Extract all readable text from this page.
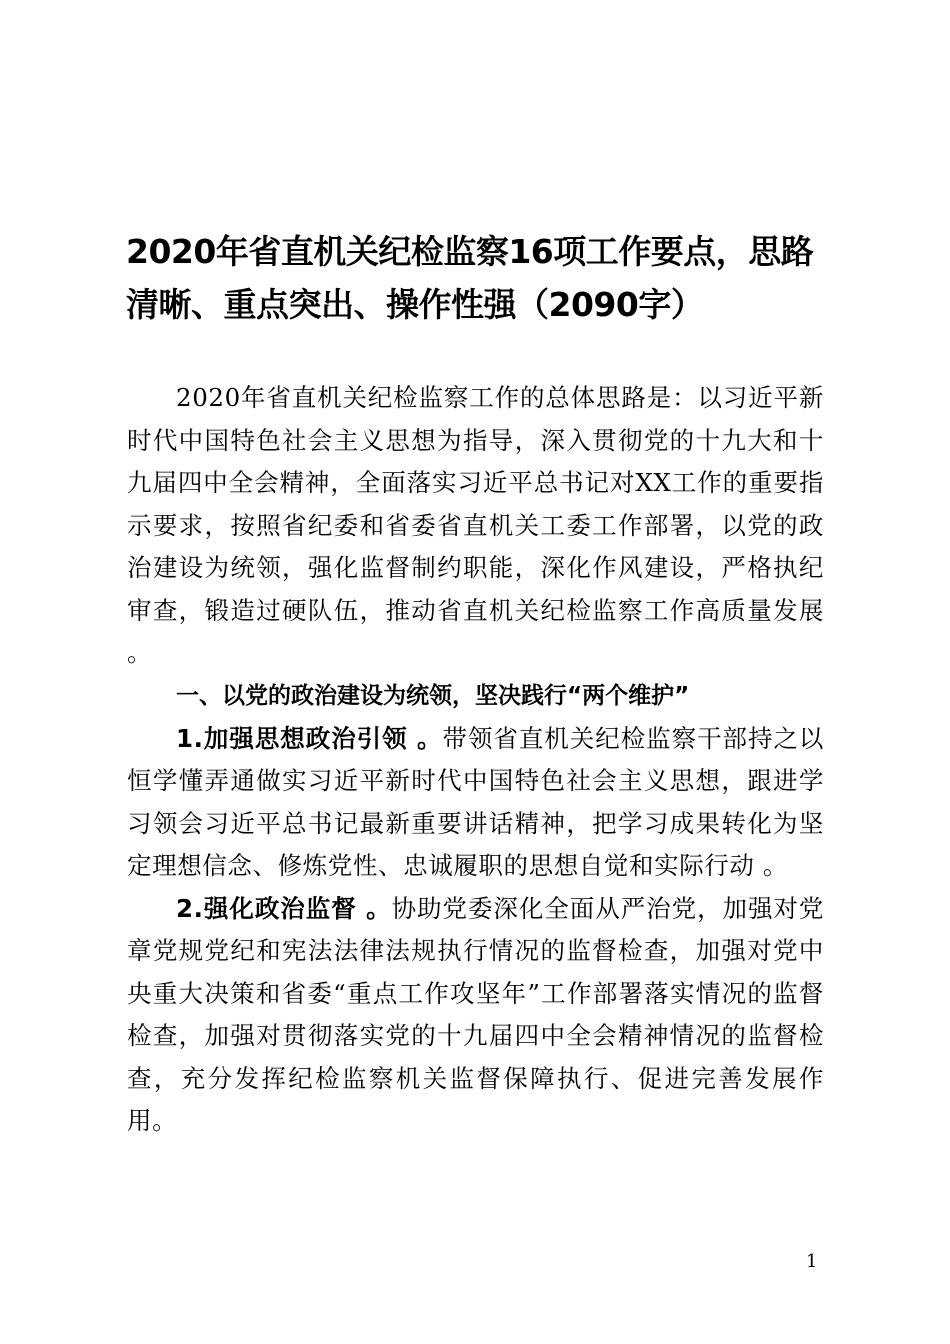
2020年省直机关纪检监察16项工作要点，思路清晰、重点突出、操作性强（2090字）

2020年省直机关纪检监察工作的总体思路是：以习近平新时代中国特色社会主义思想为指导，深入贯彻党的十九大和十九届四中全会精神，全面落实习近平总书记对XX工作的重要指示要求，按照省纪委和省委省直机关工委工作部署，以党的政治建设为统领，强化监督制约职能，深化作风建设，严格执纪审查，锻造过硬队伍，推动省直机关纪检监察工作高质量发展 。

一、以党的政治建设为统领，坚决践行“两个维护”

1.加强思想政治引领 。带领省直机关纪检监察干部持之以恒学懂弄通做实习近平新时代中国特色社会主义思想，跟进学习领会习近平总书记最新重要讲话精神，把学习成果转化为坚定理想信念、修炼党性、忠诚履职的思想自觉和实际行动 。

2.强化政治监督 。协助党委深化全面从严治党，加强对党章党规党纪和宪法法律法规执行情况的监督检查，加强对党中央重大决策和省委“重点工作攻坚年”工作部署落实情况的监督检查，加强对贯彻落实党的十九届四中全会精神情况的监督检查，充分发挥纪检监察机关监督保障执行、促进完善发展作用。

1
